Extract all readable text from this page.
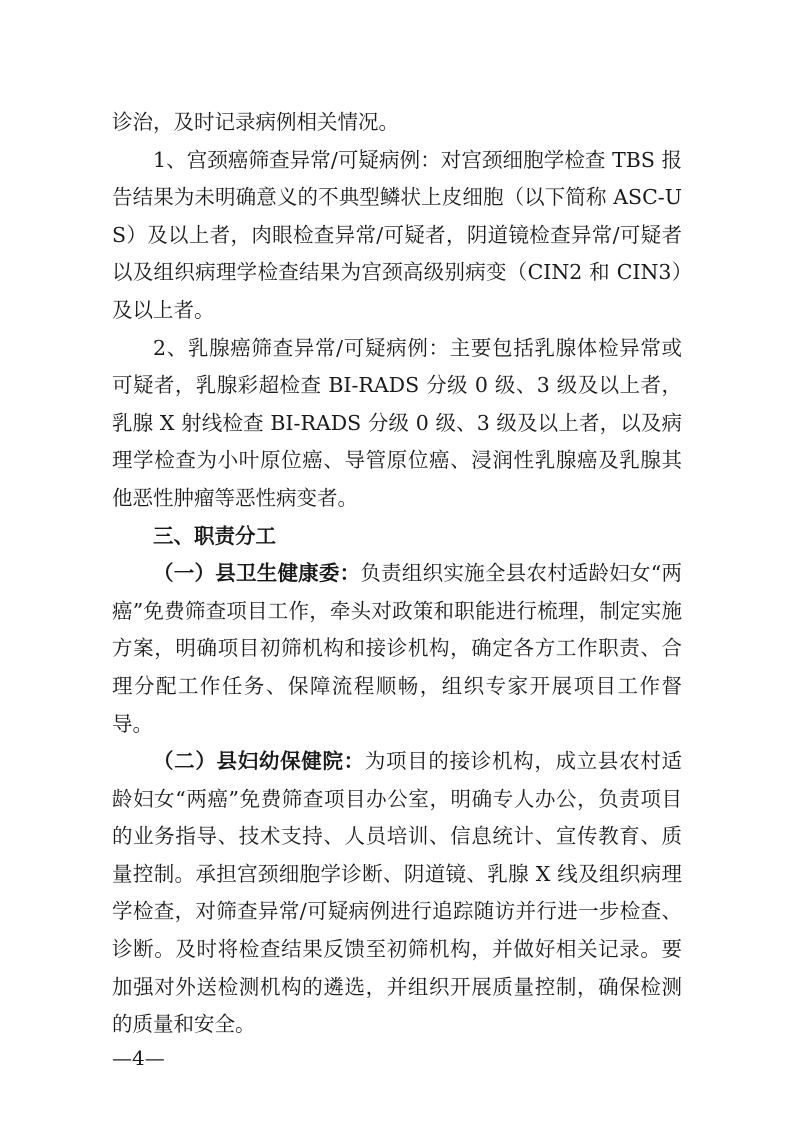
诊治，及时记录病例相关情况。

1、宫颈癌筛查异常/可疑病例：对宫颈细胞学检查 TBS 报告结果为未明确意义的不典型鳞状上皮细胞（以下简称 ASC-US）及以上者，肉眼检查异常/可疑者，阴道镜检查异常/可疑者以及组织病理学检查结果为宫颈高级别病变（CIN2 和 CIN3）及以上者。

2、乳腺癌筛查异常/可疑病例：主要包括乳腺体检异常或可疑者，乳腺彩超检查 BI-RADS 分级 0 级、3 级及以上者，乳腺 X 射线检查 BI-RADS 分级 0 级、3 级及以上者，以及病理学检查为小叶原位癌、导管原位癌、浸润性乳腺癌及乳腺其他恶性肿瘤等恶性病变者。

三、职责分工

（一）县卫生健康委：负责组织实施全县农村适龄妇女“两癌”免费筛查项目工作，牵头对政策和职能进行梳理，制定实施方案，明确项目初筛机构和接诊机构，确定各方工作职责、合理分配工作任务、保障流程顺畅，组织专家开展项目工作督导。

（二）县妇幼保健院：为项目的接诊机构，成立县农村适龄妇女“两癌”免费筛查项目办公室，明确专人办公，负责项目的业务指导、技术支持、人员培训、信息统计、宣传教育、质量控制。承担宫颈细胞学诊断、阴道镜、乳腺 X 线及组织病理学检查，对筛查异常/可疑病例进行追踪随访并行进一步检查、诊断。及时将检查结果反馈至初筛机构，并做好相关记录。要加强对外送检测机构的遴选，并组织开展质量控制，确保检测的质量和安全。

—4—
